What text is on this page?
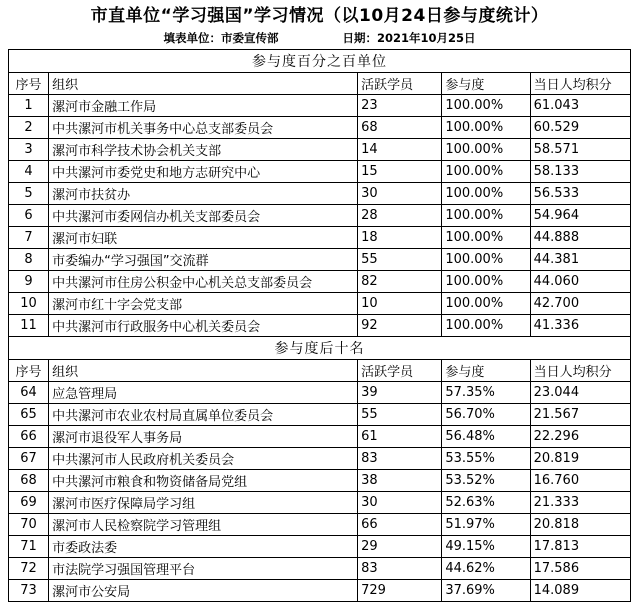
市直单位“学习强国”学习情况（以10月24日参与度统计）
填表单位：市委宣传部	日期：2021年10月25日
参与度百分之百单位				
序号	组织	活跃学员	参与度	当日人均积分
1	漯河市金融工作局	23	100.00%	61.043
2	中共漯河市机关事务中心总支部委员会	68	100.00%	60.529
3	漯河市科学技术协会机关支部	14	100.00%	58.571
4	中共漯河市委党史和地方志研究中心	15	100.00%	58.133
5	漯河市扶贫办	30	100.00%	56.533
6	中共漯河市委网信办机关支部委员会	28	100.00%	54.964
7	漯河市妇联	18	100.00%	44.888
8	市委编办“学习强国”交流群	55	100.00%	44.381
9	中共漯河市住房公积金中心机关总支部委员会	82	100.00%	44.060
10	漯河市红十字会党支部	10	100.00%	42.700
11	中共漯河市行政服务中心机关委员会	92	100.00%	41.336
参与度后十名				
序号	组织	活跃学员	参与度	当日人均积分
64	应急管理局	39	57.35%	23.044
65	中共漯河市农业农村局直属单位委员会	55	56.70%	21.567
66	漯河市退役军人事务局	61	56.48%	22.296
67	中共漯河市人民政府机关委员会	83	53.55%	20.819
68	中共漯河市粮食和物资储备局党组	38	53.52%	16.760
69	漯河市医疗保障局学习组	30	52.63%	21.333
70	漯河市人民检察院学习管理组	66	51.97%	20.818
71	市委政法委	29	49.15%	17.813
72	市法院学习强国管理平台	83	44.62%	17.586
73	漯河市公安局	729	37.69%	14.089
